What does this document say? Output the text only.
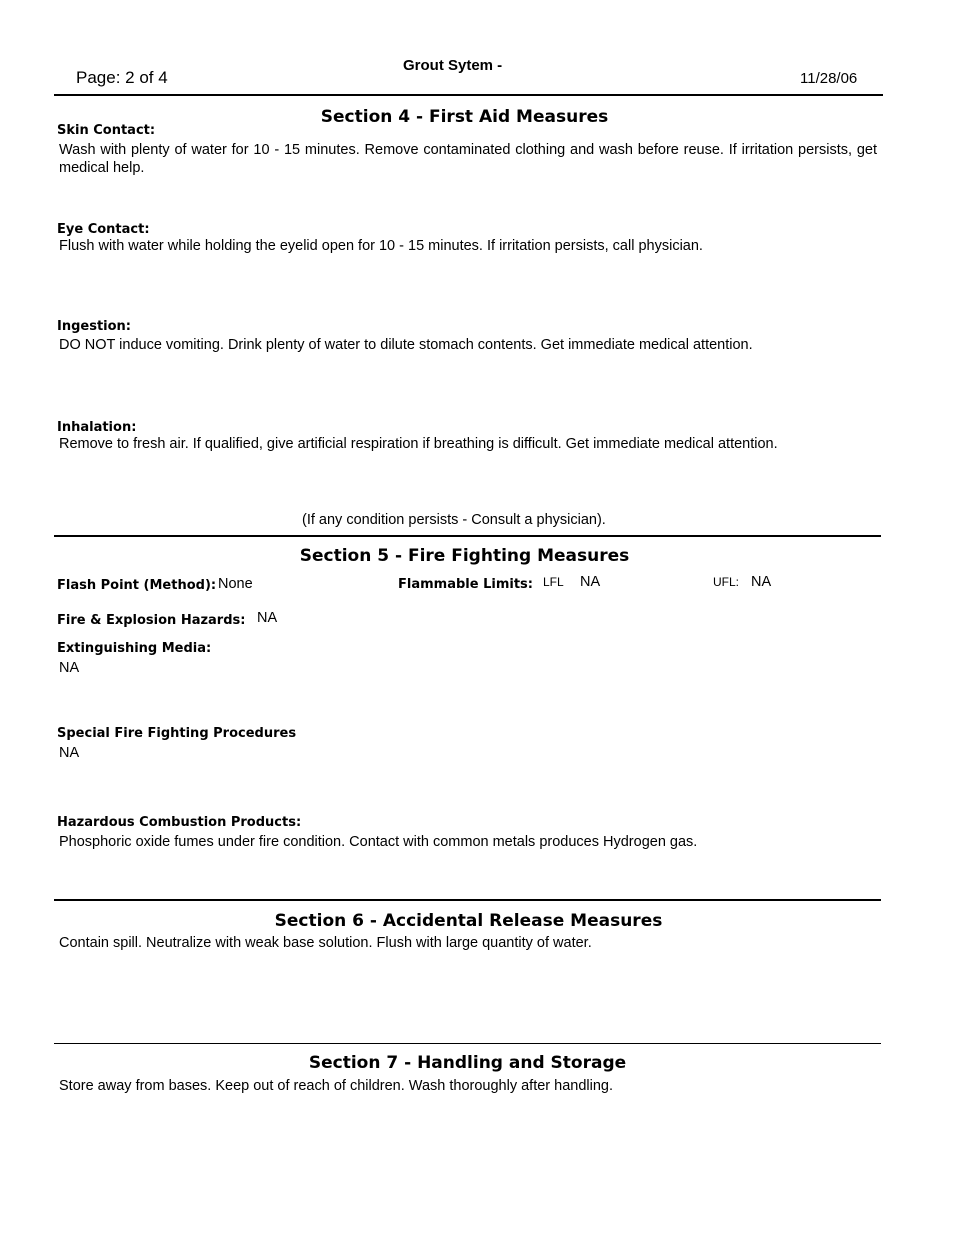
Page: 2 of 4
Grout Sytem -
11/28/06
Section 4 - First Aid Measures
Skin Contact:
Wash with plenty of water for 10 - 15 minutes. Remove contaminated clothing and wash before reuse. If irritation persists, get medical help.
Eye Contact:
Flush with water while holding the eyelid open for 10 - 15 minutes. If irritation persists, call physician.
Ingestion:
DO NOT induce vomiting. Drink plenty of water to dilute stomach contents. Get immediate medical attention.
Inhalation:
Remove to fresh air. If qualified, give artificial respiration if breathing is difficult. Get immediate medical attention.
(If any condition persists - Consult a physician).
Section 5 - Fire Fighting Measures
Flash Point (Method): None	Flammable Limits: LFL NA	UFL: NA
Fire & Explosion Hazards: NA
Extinguishing Media:
NA
Special Fire Fighting Procedures
NA
Hazardous Combustion Products:
Phosphoric oxide fumes under fire condition. Contact with common metals produces Hydrogen gas.
Section 6 - Accidental Release Measures
Contain spill. Neutralize with weak base solution. Flush with large quantity of water.
Section 7 - Handling and Storage
Store away from bases. Keep out of reach of children. Wash thoroughly after handling.
